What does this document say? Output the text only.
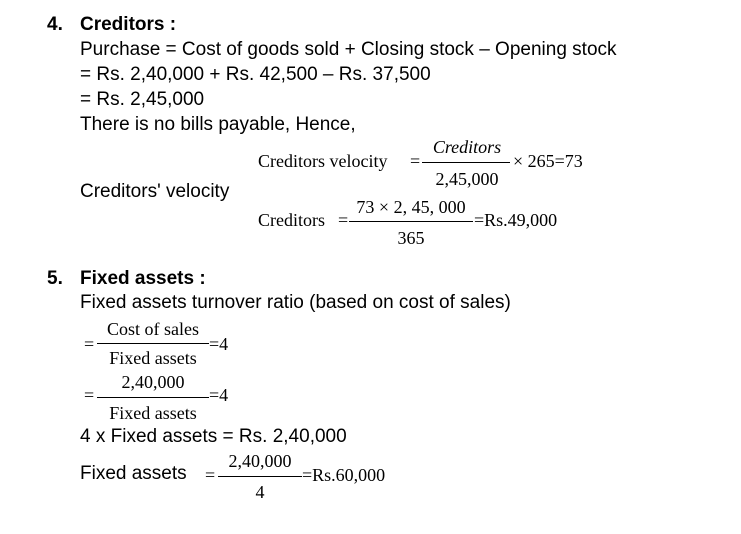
4. Creditors :
Purchase = Cost of goods sold + Closing stock – Opening stock
= Rs. 2,40,000 + Rs. 42,500 – Rs. 37,500
= Rs. 2,45,000
There is no bills payable, Hence,
Creditors velocity =
Creditors
2,45,000
× 265=73
Creditors' velocity
Creditors =
73 × 2, 45, 000
365
=Rs.49,000
5. Fixed assets :
Fixed assets turnover ratio (based on cost of sales)
=
Cost of sales
Fixed assets
=4
=
2,40,000
Fixed assets
=4
4 x Fixed assets = Rs. 2,40,000
Fixed assets =
2,40,000
4
=Rs.60,000
